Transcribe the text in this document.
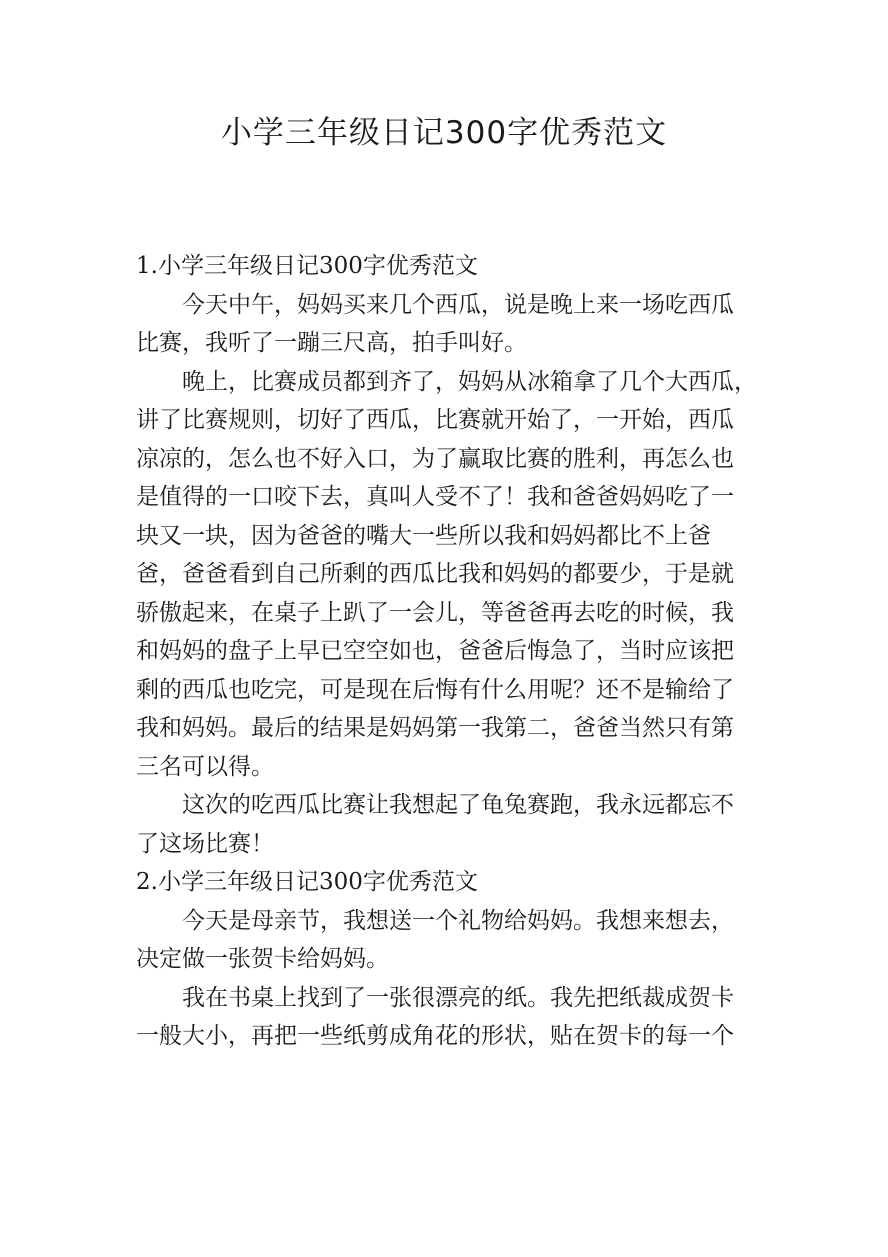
小学三年级日记300字优秀范文
1.小学三年级日记300字优秀范文
今天中午，妈妈买来几个西瓜，说是晚上来一场吃西瓜
比赛，我听了一蹦三尺高，拍手叫好。
晚上，比赛成员都到齐了，妈妈从冰箱拿了几个大西瓜，
讲了比赛规则，切好了西瓜，比赛就开始了，一开始，西瓜
凉凉的，怎么也不好入口，为了赢取比赛的胜利，再怎么也
是值得的一口咬下去，真叫人受不了！我和爸爸妈妈吃了一
块又一块，因为爸爸的嘴大一些所以我和妈妈都比不上爸
爸，爸爸看到自己所剩的西瓜比我和妈妈的都要少，于是就
骄傲起来，在桌子上趴了一会儿，等爸爸再去吃的时候，我
和妈妈的盘子上早已空空如也，爸爸后悔急了，当时应该把
剩的西瓜也吃完，可是现在后悔有什么用呢？还不是输给了
我和妈妈。最后的结果是妈妈第一我第二，爸爸当然只有第
三名可以得。
这次的吃西瓜比赛让我想起了龟兔赛跑，我永远都忘不
了这场比赛！
2.小学三年级日记300字优秀范文
今天是母亲节，我想送一个礼物给妈妈。我想来想去，
决定做一张贺卡给妈妈。
我在书桌上找到了一张很漂亮的纸。我先把纸裁成贺卡
一般大小，再把一些纸剪成角花的形状，贴在贺卡的每一个
